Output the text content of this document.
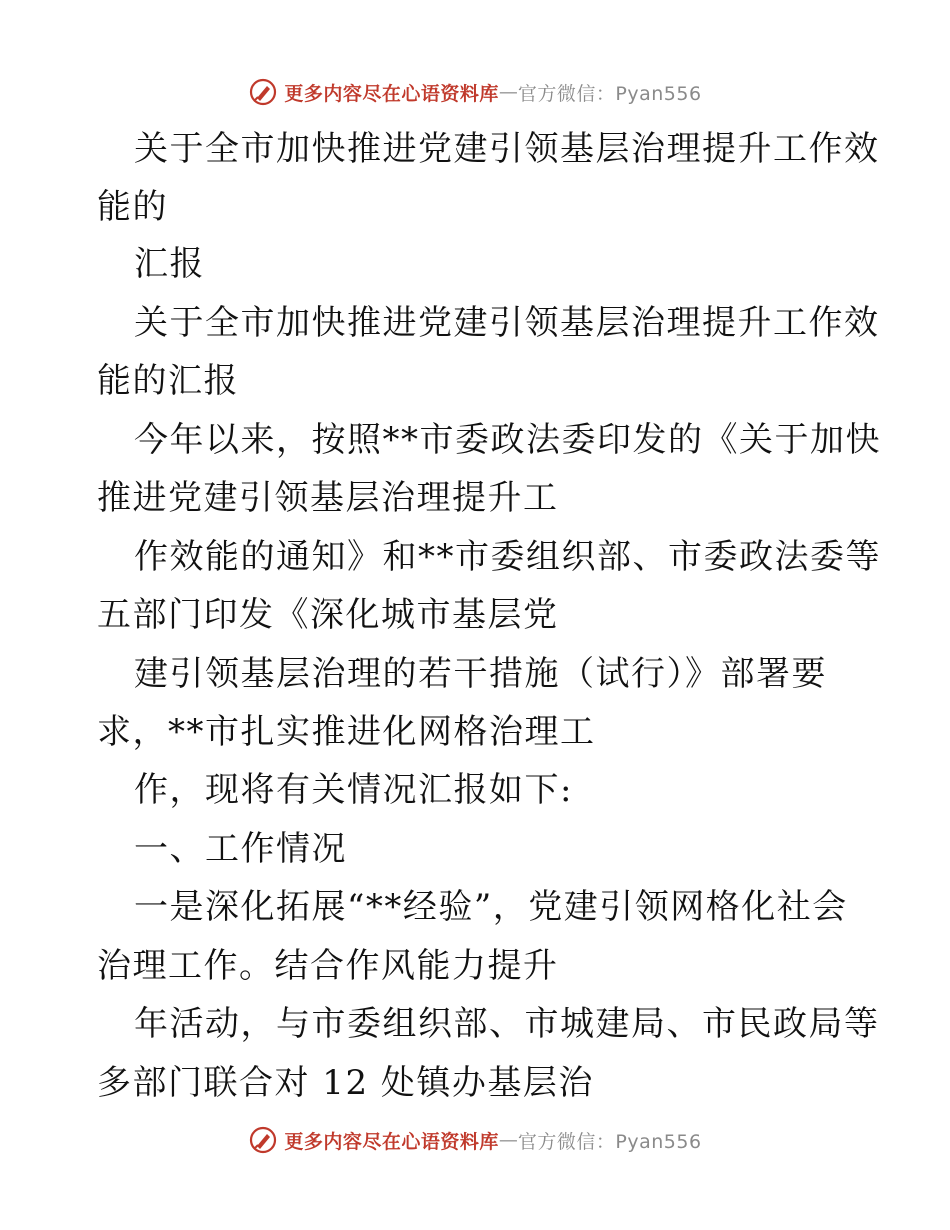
更多内容尽在心语资料库 — 官方微信：Pyan556
关于全市加快推进党建引领基层治理提升工作效
能的
汇报
关于全市加快推进党建引领基层治理提升工作效
能的汇报
今年以来，按照**市委政法委印发的《关于加快
推进党建引领基层治理提升工
作效能的通知》和**市委组织部、市委政法委等
五部门印发《深化城市基层党
建引领基层治理的若干措施（试行）》部署要
求，**市扎实推进化网格治理工
作，现将有关情况汇报如下:
一、工作情况
一是深化拓展“**经验”，党建引领网格化社会
治理工作。结合作风能力提升
年活动，与市委组织部、市城建局、市民政局等
多部门联合对 12 处镇办基层治
更多内容尽在心语资料库 — 官方微信：Pyan556
